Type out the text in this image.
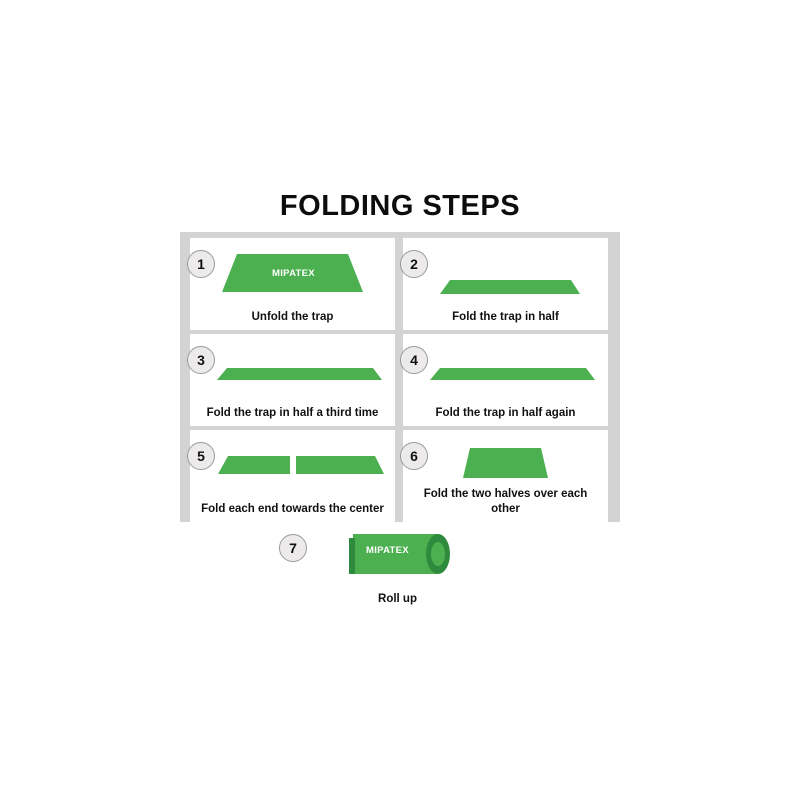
FOLDING STEPS
1
MIPATEX
Unfold the trap
2
Fold the trap in half
3
Fold the trap in half a third time
4
Fold the trap in half again
5
Fold each end towards the center
6
Fold the two halves over each other
7	MIPATEX
Roll up
